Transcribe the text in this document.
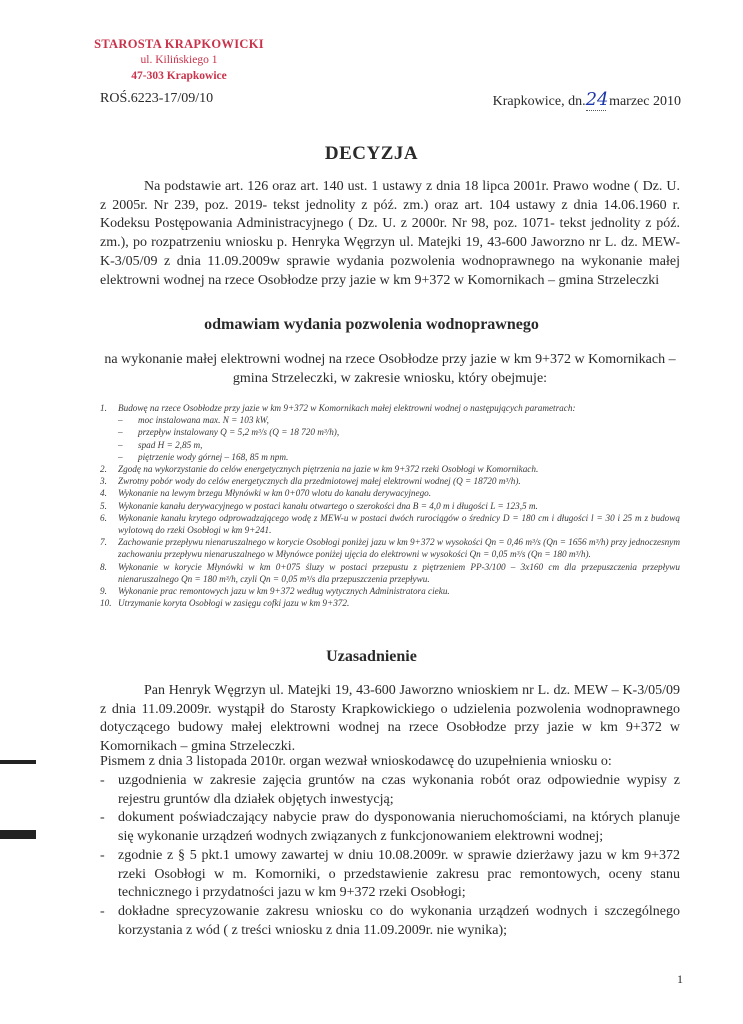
STAROSTA KRAPKOWICKI
ul. Kilińskiego 1
47-303 Krapkowice
ROŚ.6223-17/09/10	Krapkowice, dn.24 marzec 2010
DECYZJA

Na podstawie art. 126 oraz art. 140 ust. 1 ustawy z dnia 18 lipca 2001r. Prawo wodne ( Dz. U. z 2005r. Nr 239, poz. 2019- tekst jednolity z póź. zm.) oraz art. 104 ustawy z dnia 14.06.1960 r. Kodeksu Postępowania Administracyjnego ( Dz. U. z 2000r. Nr 98, poz. 1071- tekst jednolity z póź. zm.), po rozpatrzeniu wniosku p. Henryka Węgrzyn ul. Matejki 19, 43-600 Jaworzno nr L. dz. MEW-K-3/05/09 z dnia 11.09.2009w sprawie wydania pozwolenia wodnoprawnego na wykonanie małej elektrowni wodnej na rzece Osobłodze przy jazie w km 9+372 w Komornikach – gmina Strzeleczki

odmawiam wydania pozwolenia wodnoprawnego
na wykonanie małej elektrowni wodnej na rzece Osobłodze przy jazie w km 9+372 w Komornikach – gmina Strzeleczki, w zakresie wniosku, który obejmuje:
1. Budowę na rzece Osobłodze przy jazie w km 9+372 w Komornikach małej elektrowni wodnej o następujących parametrach:
– moc instalowana max. N = 103 kW,
– przepływ instalowany Q = 5,2 m³/s (Q = 18 720 m³/h),
– spad H = 2,85 m,
– piętrzenie wody górnej – 168, 85 m npm.
2. Zgodę na wykorzystanie do celów energetycznych piętrzenia na jazie w km 9+372 rzeki Osobłogi w Komornikach.
3. Zwrotny pobór wody do celów energetycznych dla przedmiotowej małej elektrowni wodnej (Q = 18720 m³/h).
4. Wykonanie na lewym brzegu Młynówki w km 0+070 wlotu do kanału derywacyjnego.
5. Wykonanie kanału derywacyjnego w postaci kanału otwartego o szerokości dna B = 4,0 m i długości L = 123,5 m.
6. Wykonanie kanału krytego odprowadzającego wodę z MEW-u w postaci dwóch rurociągów o średnicy D = 180 cm i długości l = 30 i 25 m z budową wylotową do rzeki Osobłogi w km 9+241.
7. Zachowanie przepływu nienaruszalnego w korycie Osobłogi poniżej jazu w km 9+372 w wysokości Qn = 0,46 m³/s (Qn = 1656 m³/h) przy jednoczesnym zachowaniu przepływu nienaruszalnego w Młynówce poniżej ujęcia do elektrowni w wysokości Qn = 0,05 m³/s (Qn = 180 m³/h).
8. Wykonanie w korycie Młynówki w km 0+075 śluzy w postaci przepustu z piętrzeniem PP-3/100 – 3x160 cm dla przepuszczenia przepływu nienaruszalnego Qn = 180 m³/h, czyli Qn = 0,05 m³/s dla przepuszczenia przepływu.
9. Wykonanie prac remontowych jazu w km 9+372 według wytycznych Administratora cieku.
10. Utrzymanie koryta Osobłogi w zasięgu cofki jazu w km 9+372.
Uzasadnienie

Pan Henryk Węgrzyn ul. Matejki 19, 43-600 Jaworzno wnioskiem nr L. dz. MEW – K-3/05/09 z dnia 11.09.2009r. wystąpił do Starosty Krapkowickiego o udzielenia pozwolenia wodnoprawnego dotyczącego budowy małej elektrowni wodnej na rzece Osobłodze przy jazie w km 9+372 w Komornikach – gmina Strzeleczki.

Pismem z dnia 3 listopada 2010r. organ wezwał wnioskodawcę do uzupełnienia wniosku o:

- uzgodnienia w zakresie zajęcia gruntów na czas wykonania robót oraz odpowiednie wypisy z rejestru gruntów dla działek objętych inwestycją;
- dokument poświadczający nabycie praw do dysponowania nieruchomościami, na których planuje się wykonanie urządzeń wodnych związanych z funkcjonowaniem elektrowni wodnej;
- zgodnie z § 5 pkt.1 umowy zawartej w dniu 10.08.2009r. w sprawie dzierżawy jazu w km 9+372 rzeki Osobłogi w m. Komorniki, o przedstawienie zakresu prac remontowych, oceny stanu technicznego i przydatności jazu w km 9+372 rzeki Osobłogi;
- dokładne sprecyzowanie zakresu wniosku co do wykonania urządzeń wodnych i szczególnego korzystania z wód ( z treści wniosku z dnia 11.09.2009r. nie wynika);
1
